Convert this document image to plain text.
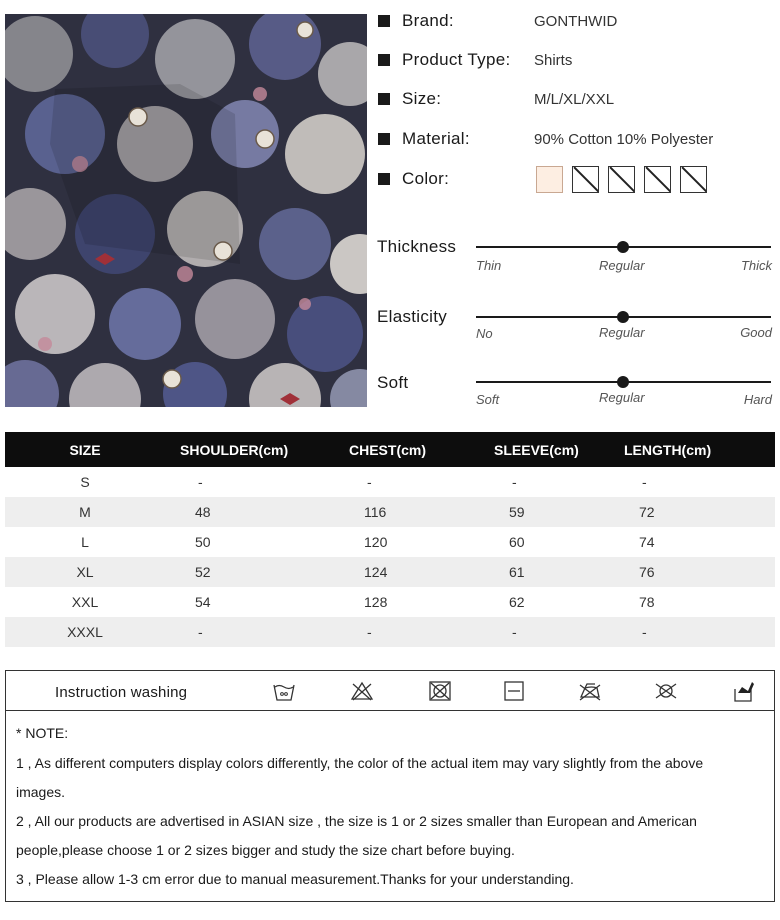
Brand:	GONTHWID
Product Type:	Shirts
Size:	M/L/XL/XXL
Material:	90% Cotton 10% Polyester
Color:
Thickness
Thin	Regular	Thick
Elasticity
No	Regular	Good
Soft
Soft	Regular	Hard
SIZE	SHOULDER(cm)	CHEST(cm)	SLEEVE(cm)	LENGTH(cm)
S	-	-	-	-
M	48	116	59	72
L	50	120	60	74
XL	52	124	61	76
XXL	54	128	62	78
XXXL	-	-	-	-
Instruction washing
* NOTE:
1 , As different computers display colors differently, the color of the actual item may vary slightly from the above
images.
2 , All our products are advertised in ASIAN size , the size is 1 or 2 sizes smaller than European and American
people,please choose 1 or 2 sizes bigger and study the size chart before buying.
3 , Please allow 1-3 cm error due to manual measurement.Thanks for your understanding.
